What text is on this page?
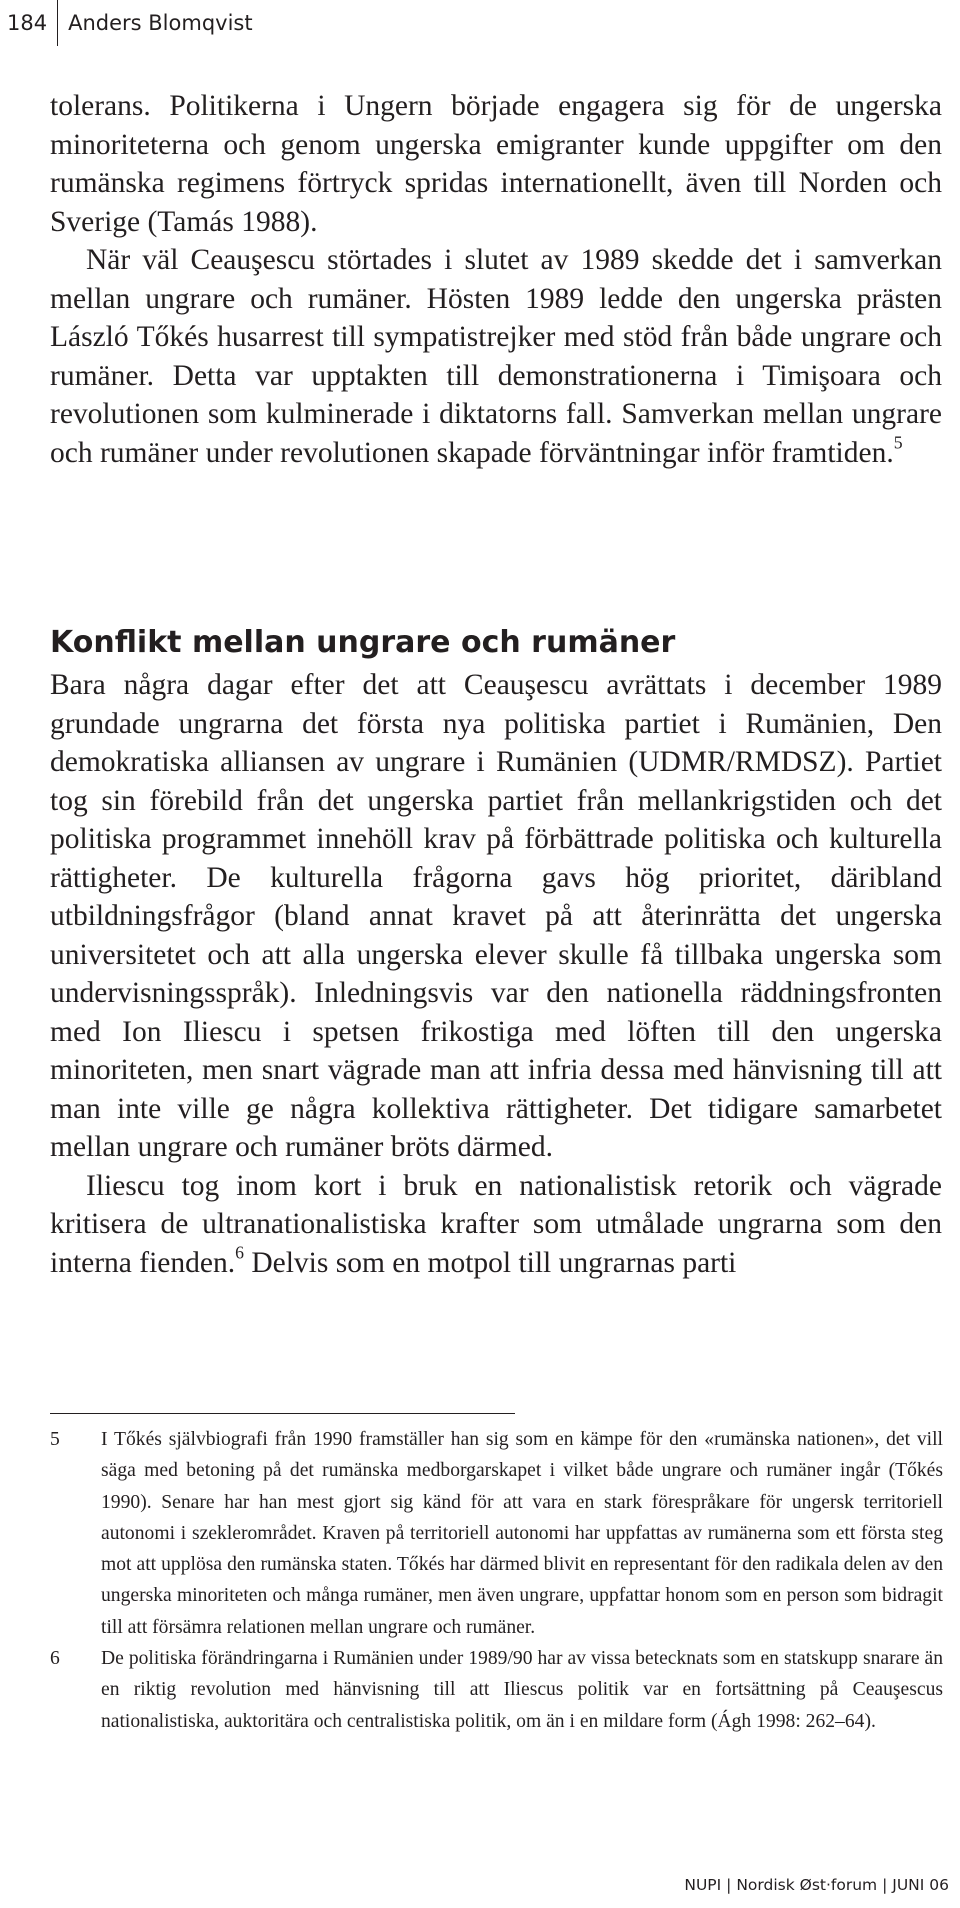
184	Anders Blomqvist

tolerans. Politikerna i Ungern började engagera sig för de ungerska minoriteterna och genom ungerska emigranter kunde uppgifter om den rumänska regimens förtryck spridas internationellt, även till Norden och Sverige (Tamás 1988).

När väl Ceauşescu störtades i slutet av 1989 skedde det i samverkan mellan ungrare och rumäner. Hösten 1989 ledde den ungerska prästen László Tőkés husarrest till sympatistrejker med stöd från både ungrare och rumäner. Detta var upptakten till demonstrationerna i Timişoara och revolutionen som kulminerade i diktatorns fall. Samverkan mellan ungrare och rumäner under revolutionen skapade förväntningar inför framtiden.$^5$

Konflikt mellan ungrare och rumäner

Bara några dagar efter det att Ceauşescu avrättats i december 1989 grundade ungrarna det första nya politiska partiet i Rumänien, Den demokratiska alliansen av ungrare i Rumänien (UDMR/RMDSZ). Partiet tog sin förebild från det ungerska partiet från mellankrigstiden och det politiska programmet innehöll krav på förbättrade politiska och kulturella rättigheter. De kulturella frågorna gavs hög prioritet, däribland utbildningsfrågor (bland annat kravet på att återinrätta det ungerska universitetet och att alla ungerska elever skulle få tillbaka ungerska som undervisningsspråk). Inledningsvis var den nationella räddningsfronten med Ion Iliescu i spetsen frikostiga med löften till den ungerska minoriteten, men snart vägrade man att infria dessa med hänvisning till att man inte ville ge några kollektiva rättigheter. Det tidigare samarbetet mellan ungrare och rumäner bröts därmed.

Iliescu tog inom kort i bruk en nationalistisk retorik och vägrade kritisera de ultranationalistiska krafter som utmålade ungrarna som den interna fienden.$^6$ Delvis som en motpol till ungrarnas parti

5 I Tőkés självbiografi från 1990 framställer han sig som en kämpe för den «rumänska nationen», det vill säga med betoning på det rumänska medborgarskapet i vilket både ungrare och rumäner ingår (Tőkés 1990). Senare har han mest gjort sig känd för att vara en stark förespråkare för ungersk territoriell autonomi i szeklerområdet. Kraven på territoriell autonomi har uppfattas av rumänerna som ett första steg mot att upplösa den rumänska staten. Tőkés har därmed blivit en representant för den radikala delen av den ungerska minoriteten och många rumäner, men även ungrare, uppfattar honom som en person som bidragit till att försämra relationen mellan ungrare och rumäner.

6 De politiska förändringarna i Rumänien under 1989/90 har av vissa betecknats som en statskupp snarare än en riktig revolution med hänvisning till att Iliescus politik var en fortsättning på Ceauşescus nationalistiska, auktoritära och centralistiska politik, om än i en mildare form (Ágh 1998: 262–64).

NUPI | Nordisk Øst·forum | JUNI 06
